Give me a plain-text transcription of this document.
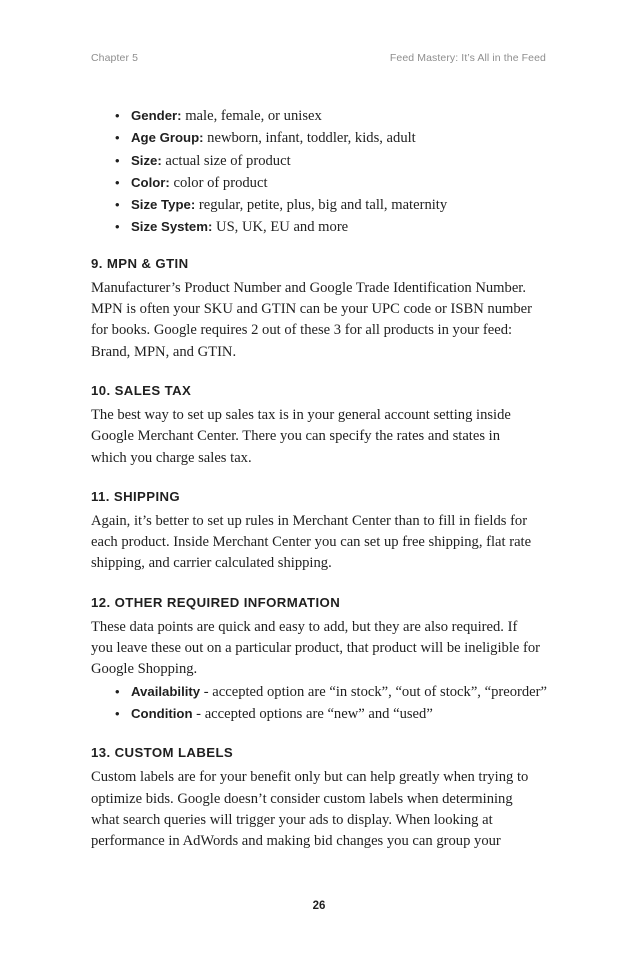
Chapter 5	Feed Mastery: It’s All in the Feed
• Gender: male, female, or unisex
• Age Group: newborn, infant, toddler, kids, adult
• Size: actual size of product
• Color: color of product
• Size Type: regular, petite, plus, big and tall, maternity
• Size System: US, UK, EU and more
9. MPN & GTIN

Manufacturer’s Product Number and Google Trade Identification Number.
MPN is often your SKU and GTIN can be your UPC code or ISBN number
for books. Google requires 2 out of these 3 for all products in your feed:
Brand, MPN, and GTIN.

10. SALES TAX

The best way to set up sales tax is in your general account setting inside
Google Merchant Center. There you can specify the rates and states in
which you charge sales tax.

11. SHIPPING

Again, it’s better to set up rules in Merchant Center than to fill in fields for
each product. Inside Merchant Center you can set up free shipping, flat rate
shipping, and carrier calculated shipping.

12. OTHER REQUIRED INFORMATION

These data points are quick and easy to add, but they are also required. If
you leave these out on a particular product, that product will be ineligible for
Google Shopping.

• Availability - accepted option are “in stock”, “out of stock”, “preorder”
• Condition - accepted options are “new” and “used”
13. CUSTOM LABELS

Custom labels are for your benefit only but can help greatly when trying to
optimize bids. Google doesn’t consider custom labels when determining
what search queries will trigger your ads to display. When looking at
performance in AdWords and making bid changes you can group your

26
